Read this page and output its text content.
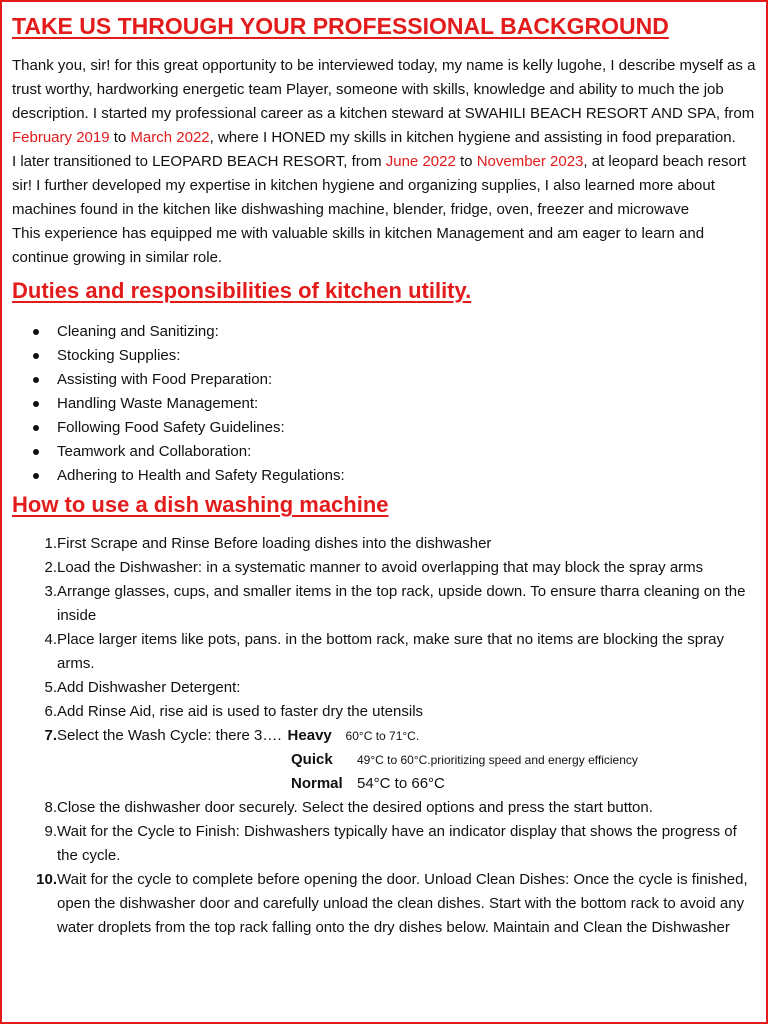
TAKE US THROUGH YOUR PROFESSIONAL BACKGROUND

Thank you, sir! for this great opportunity to be interviewed today, my name is kelly lugohe, I describe myself as a trust worthy, hardworking energetic team Player, someone with skills, knowledge and ability to much the job description. I started my professional career as a kitchen steward at SWAHILI BEACH RESORT AND SPA, from February 2019 to March 2022, where I HONED my skills in kitchen hygiene and assisting in food preparation.

I later transitioned to LEOPARD BEACH RESORT, from June 2022 to November 2023, at leopard beach resort sir! I further developed my expertise in kitchen hygiene and organizing supplies, I also learned more about machines found in the kitchen like dishwashing machine, blender, fridge, oven, freezer and microwave

This experience has equipped me with valuable skills in kitchen Management and am eager to learn and continue growing in similar role.

Duties and responsibilities of kitchen utility.
Cleaning and Sanitizing:
Stocking Supplies:
Assisting with Food Preparation:
Handling Waste Management:
Following Food Safety Guidelines:
Teamwork and Collaboration:
Adhering to Health and Safety Regulations:
How to use a dish washing machine
1. First Scrape and Rinse Before loading dishes into the dishwasher
2. Load the Dishwasher: in a systematic manner to avoid overlapping that may block the spray arms
3. Arrange glasses, cups, and smaller items in the top rack, upside down. To ensure tharra cleaning on the inside
4. Place larger items like pots, pans. in the bottom rack, make sure that no items are blocking the spray arms.
5. Add Dishwasher Detergent:
6. Add Rinse Aid, rise aid is used to faster dry the utensils
7. Select the Wash Cycle: there 3…. Heavy	60°C to 71°C.
Quick	49°C to 60°C.prioritizing speed and energy efficiency
Normal 54°C to 66°C
8. Close the dishwasher door securely. Select the desired options and press the start button.
9. Wait for the Cycle to Finish: Dishwashers typically have an indicator display that shows the progress of the cycle.
10. Wait for the cycle to complete before opening the door. Unload Clean Dishes: Once the cycle is finished, open the dishwasher door and carefully unload the clean dishes. Start with the bottom rack to avoid any water droplets from the top rack falling onto the dry dishes below. Maintain and Clean the Dishwasher
